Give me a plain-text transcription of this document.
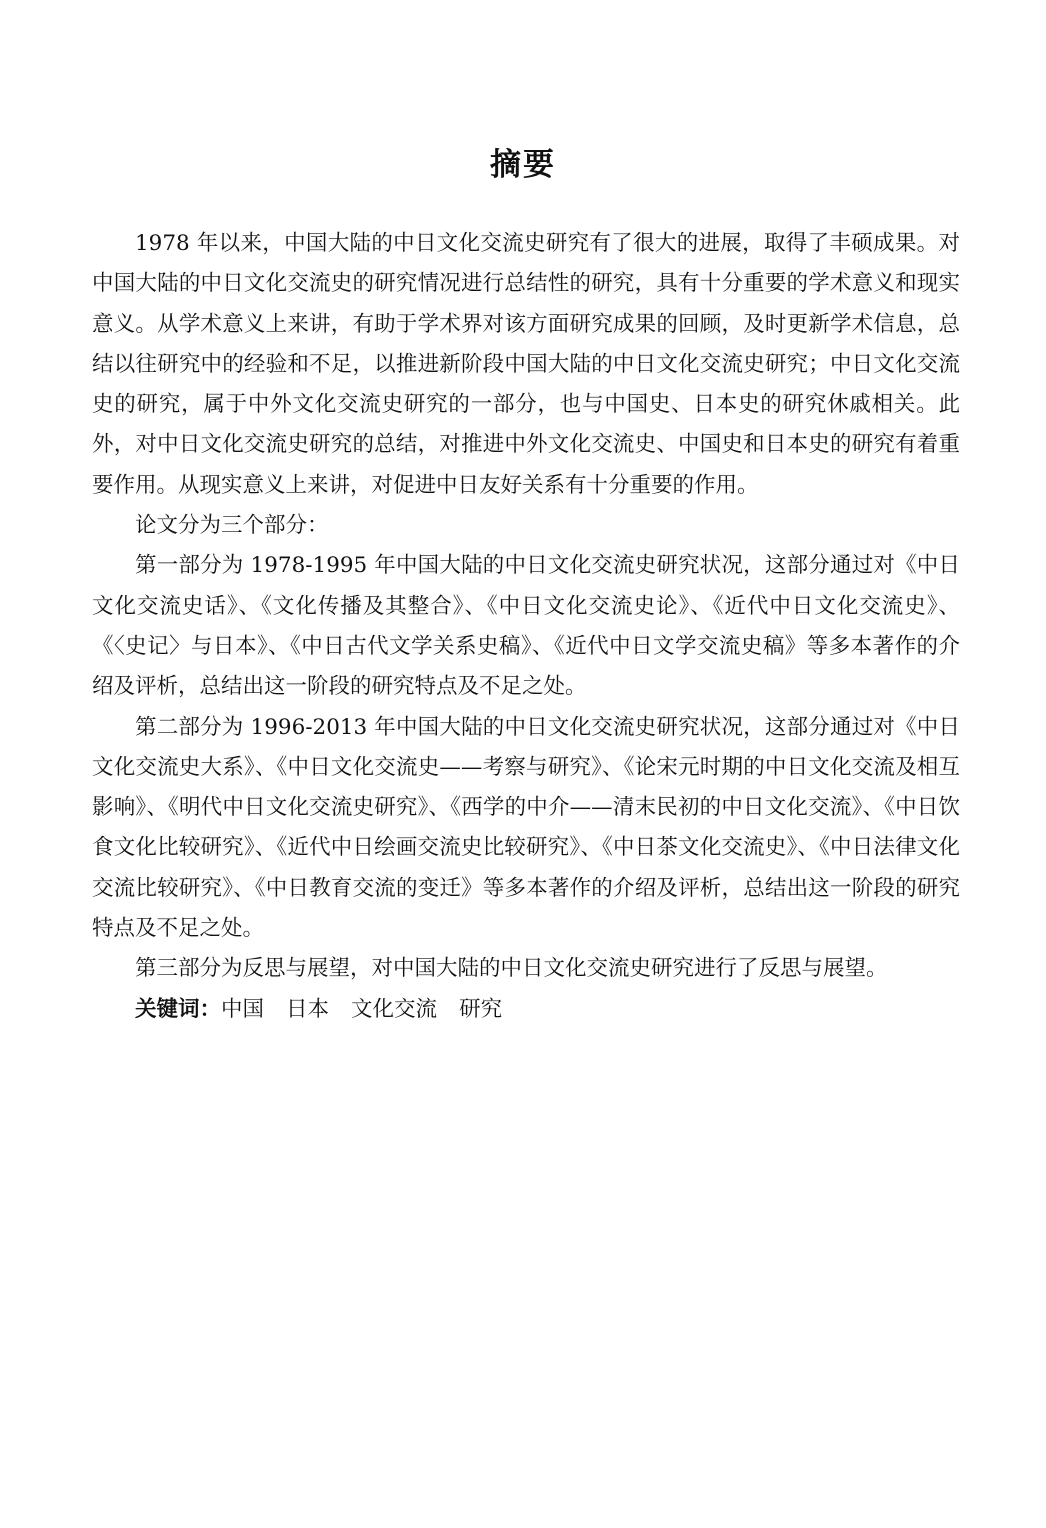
摘要

1978 年以来，中国大陆的中日文化交流史研究有了很大的进展，取得了丰硕成果。对中国大陆的中日文化交流史的研究情况进行总结性的研究，具有十分重要的学术意义和现实意义。从学术意义上来讲，有助于学术界对该方面研究成果的回顾，及时更新学术信息，总结以往研究中的经验和不足，以推进新阶段中国大陆的中日文化交流史研究；中日文化交流史的研究，属于中外文化交流史研究的一部分，也与中国史、日本史的研究休戚相关。此外，对中日文化交流史研究的总结，对推进中外文化交流史、中国史和日本史的研究有着重要作用。从现实意义上来讲，对促进中日友好关系有十分重要的作用。

论文分为三个部分：

第一部分为 1978-1995 年中国大陆的中日文化交流史研究状况，这部分通过对《中日文化交流史话》、《文化传播及其整合》、《中日文化交流史论》、《近代中日文化交流史》、《〈史记〉与日本》、《中日古代文学关系史稿》、《近代中日文学交流史稿》等多本著作的介绍及评析，总结出这一阶段的研究特点及不足之处。

第二部分为 1996-2013 年中国大陆的中日文化交流史研究状况，这部分通过对《中日文化交流史大系》、《中日文化交流史——考察与研究》、《论宋元时期的中日文化交流及相互影响》、《明代中日文化交流史研究》、《西学的中介——清末民初的中日文化交流》、《中日饮食文化比较研究》、《近代中日绘画交流史比较研究》、《中日茶文化交流史》、《中日法律文化交流比较研究》、《中日教育交流的变迁》等多本著作的介绍及评析，总结出这一阶段的研究特点及不足之处。

第三部分为反思与展望，对中国大陆的中日文化交流史研究进行了反思与展望。

关键词：中国 日本 文化交流 研究
